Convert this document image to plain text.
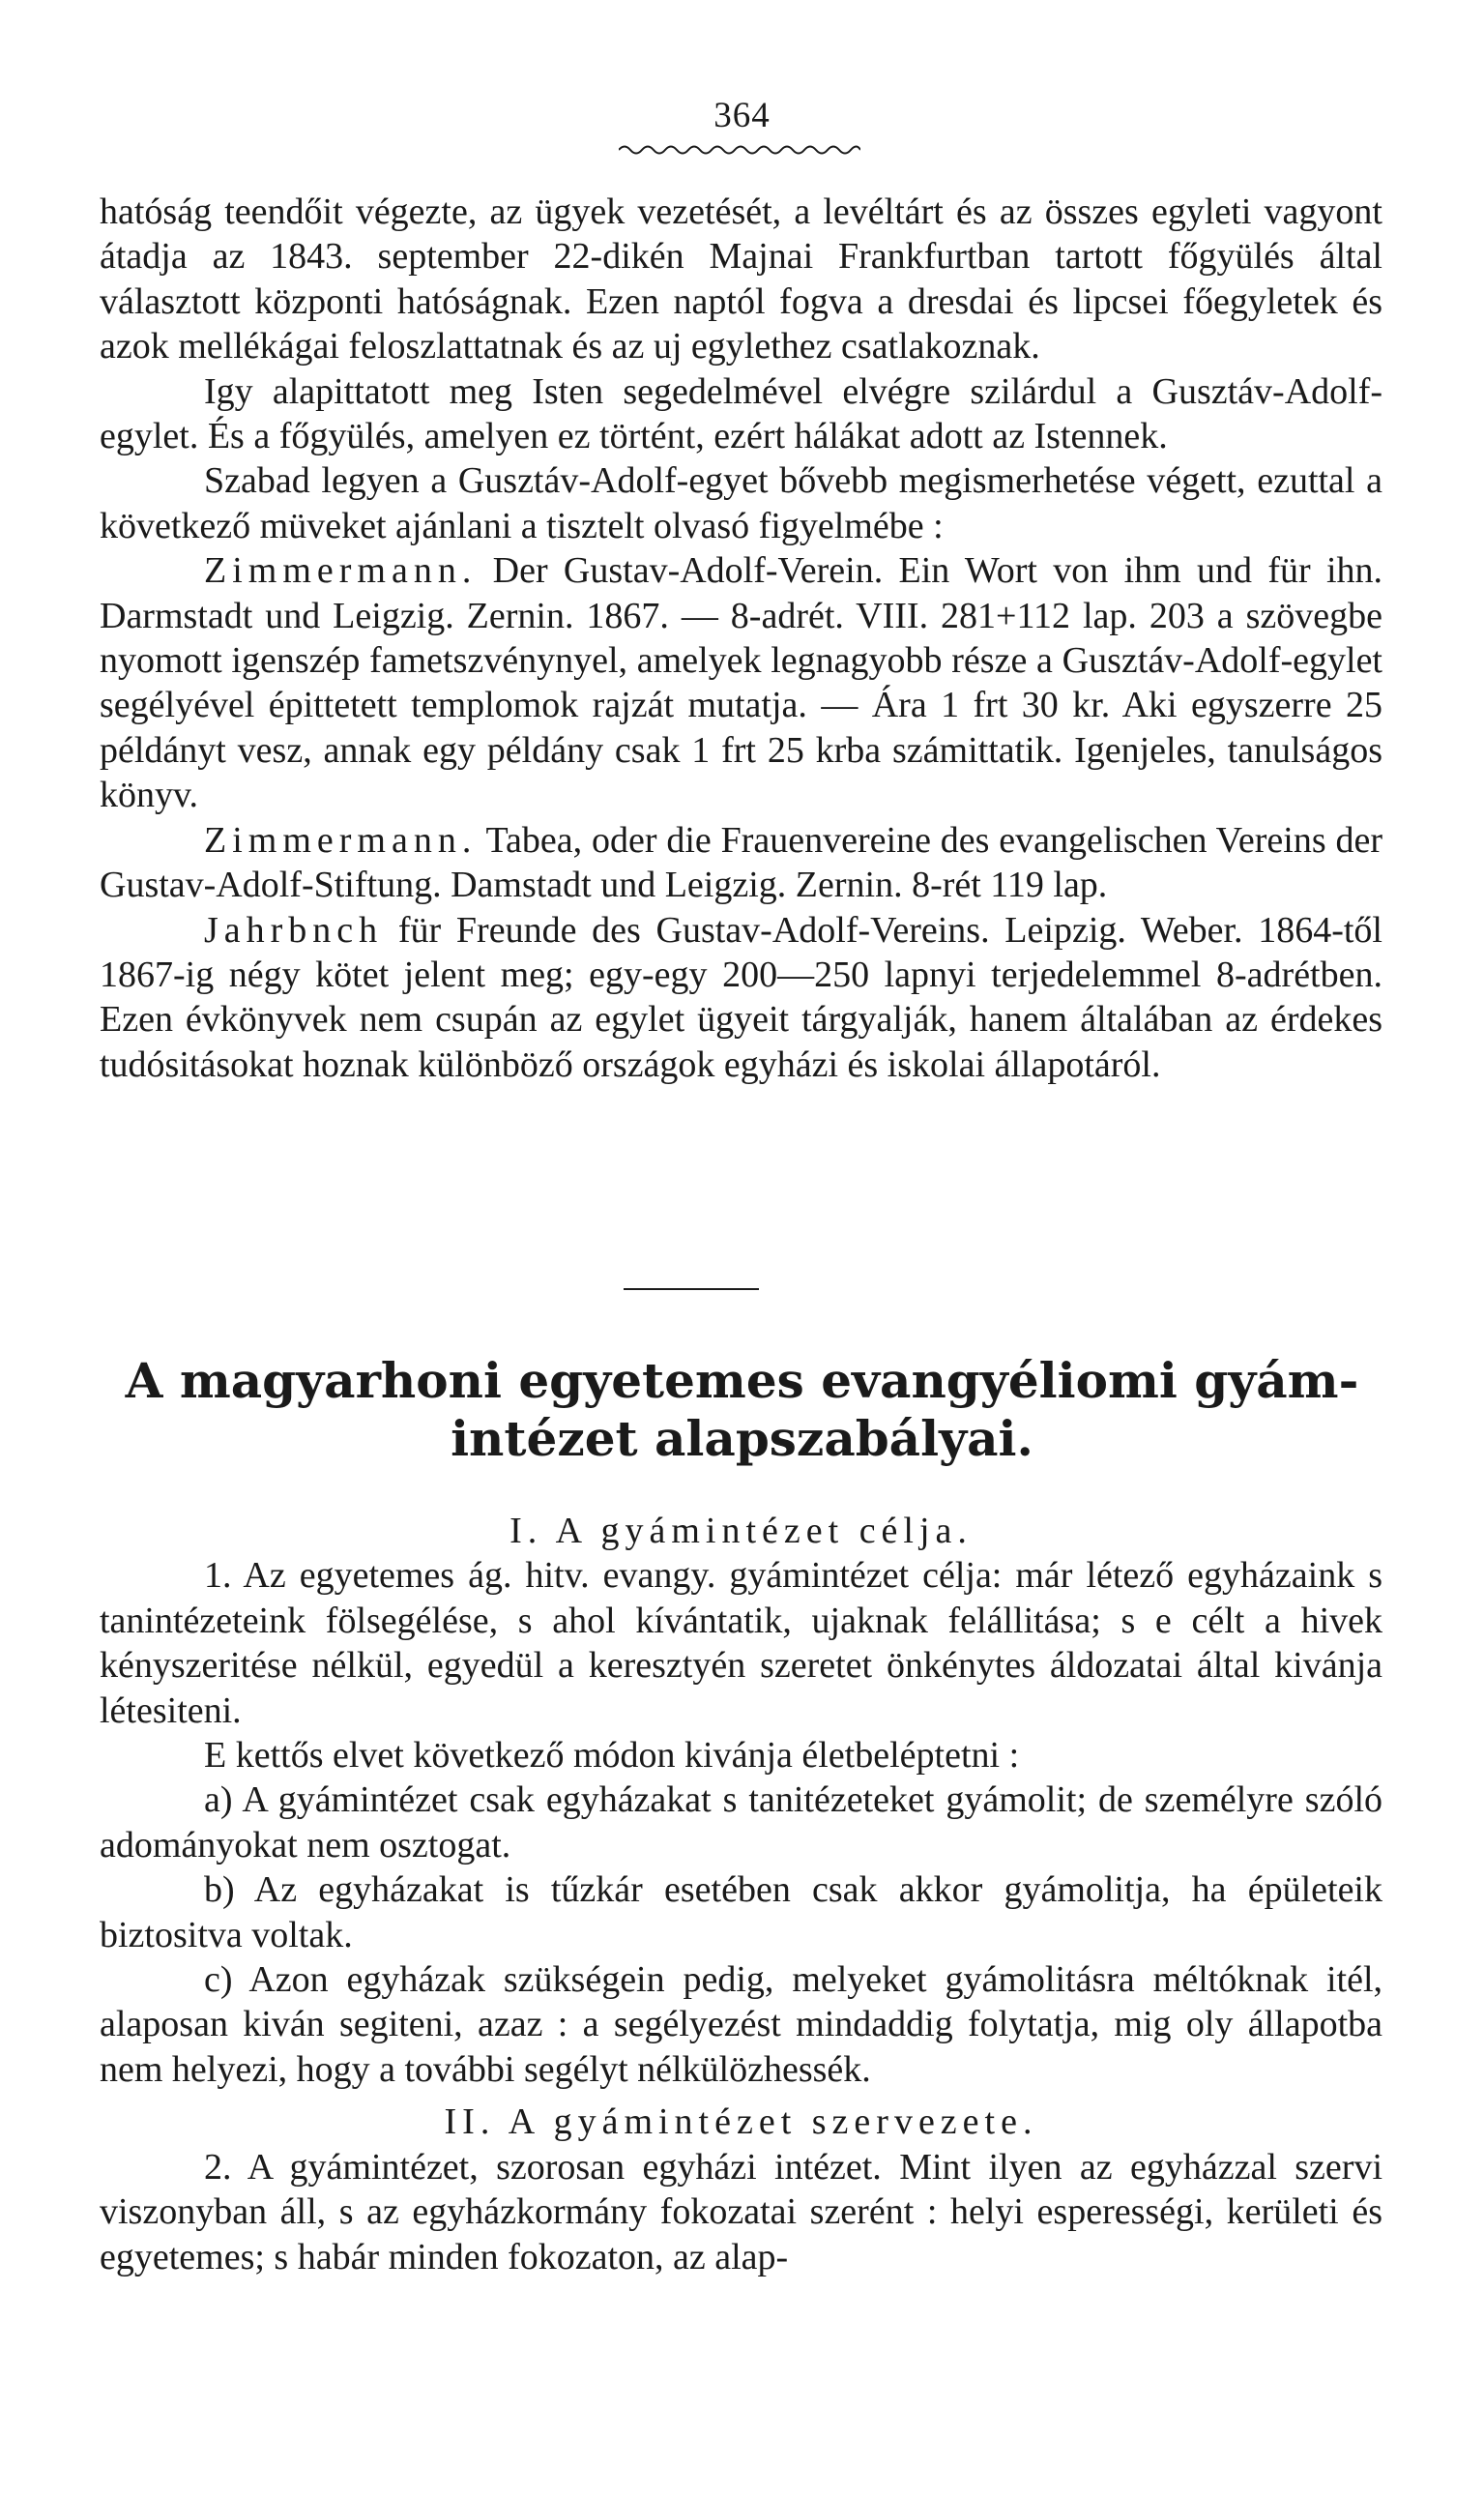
364

hatóság teendőit végezte, az ügyek vezetését, a levéltárt és az összes egyleti vagyont átadja az 1843. september 22-dikén Majnai Frankfurtban tartott főgyülés által választott központi hatóságnak. Ezen naptól fogva a dresdai és lipcsei főegyletek és azok mellékágai feloszlattatnak és az uj egylethez csatlakoznak.

Igy alapittatott meg Isten segedelmével elvégre szilárdul a Gusztáv-Adolf-egylet. És a főgyülés, amelyen ez történt, ezért hálákat adott az Istennek.

Szabad legyen a Gusztáv-Adolf-egyet bővebb megismerhetése végett, ezuttal a következő müveket ajánlani a tisztelt olvasó figyelmébe :

Zimmermann. Der Gustav-Adolf-Verein. Ein Wort von ihm und für ihn. Darmstadt und Leigzig. Zernin. 1867. — 8-adrét. VIII. 281+112 lap. 203 a szövegbe nyomott igenszép fametszvénynyel, amelyek legnagyobb része a Gusztáv-Adolf-egylet segélyével épittetett templomok rajzát mutatja. — Ára 1 frt 30 kr. Aki egyszerre 25 példányt vesz, annak egy példány csak 1 frt 25 krba számittatik. Igenjeles, tanulságos könyv.

Zimmermann. Tabea, oder die Frauenvereine des evangelischen Vereins der Gustav-Adolf-Stiftung. Damstadt und Leigzig. Zernin. 8-rét 119 lap.

Jahrbnch für Freunde des Gustav-Adolf-Vereins. Leipzig. Weber. 1864-től 1867-ig négy kötet jelent meg; egy-egy 200—250 lapnyi terjedelemmel 8-adrétben. Ezen évkönyvek nem csupán az egylet ügyeit tárgyalják, hanem általában az érdekes tudósitásokat hoznak különböző országok egyházi és iskolai állapotáról.

A magyarhoni egyetemes evangyéliomi gyám-
intézet alapszabályai.

I. A gyámintézet célja.

1. Az egyetemes ág. hitv. evangy. gyámintézet célja: már létező egyházaink s tanintézeteink fölsegélése, s ahol kívántatik, ujaknak felállitása; s e célt a hivek kényszeritése nélkül, egyedül a keresztyén szeretet önkénytes áldozatai által kivánja létesiteni.

E kettős elvet következő módon kivánja életbeléptetni :

a) A gyámintézet csak egyházakat s tanitézeteket gyámolit; de személyre szóló adományokat nem osztogat.

b) Az egyházakat is tűzkár esetében csak akkor gyámolitja, ha épületeik biztositva voltak.

c) Azon egyházak szükségein pedig, melyeket gyámolitásra méltóknak itél, alaposan kiván segiteni, azaz : a segélyezést mindaddig folytatja, mig oly állapotba nem helyezi, hogy a további segélyt nélkülözhessék.

II. A gyámintézet szervezete.

2. A gyámintézet, szorosan egyházi intézet. Mint ilyen az egyházzal szervi viszonyban áll, s az egyházkormány fokozatai szerént : helyi esperességi, kerületi és egyetemes; s habár minden fokozaton, az alap-
